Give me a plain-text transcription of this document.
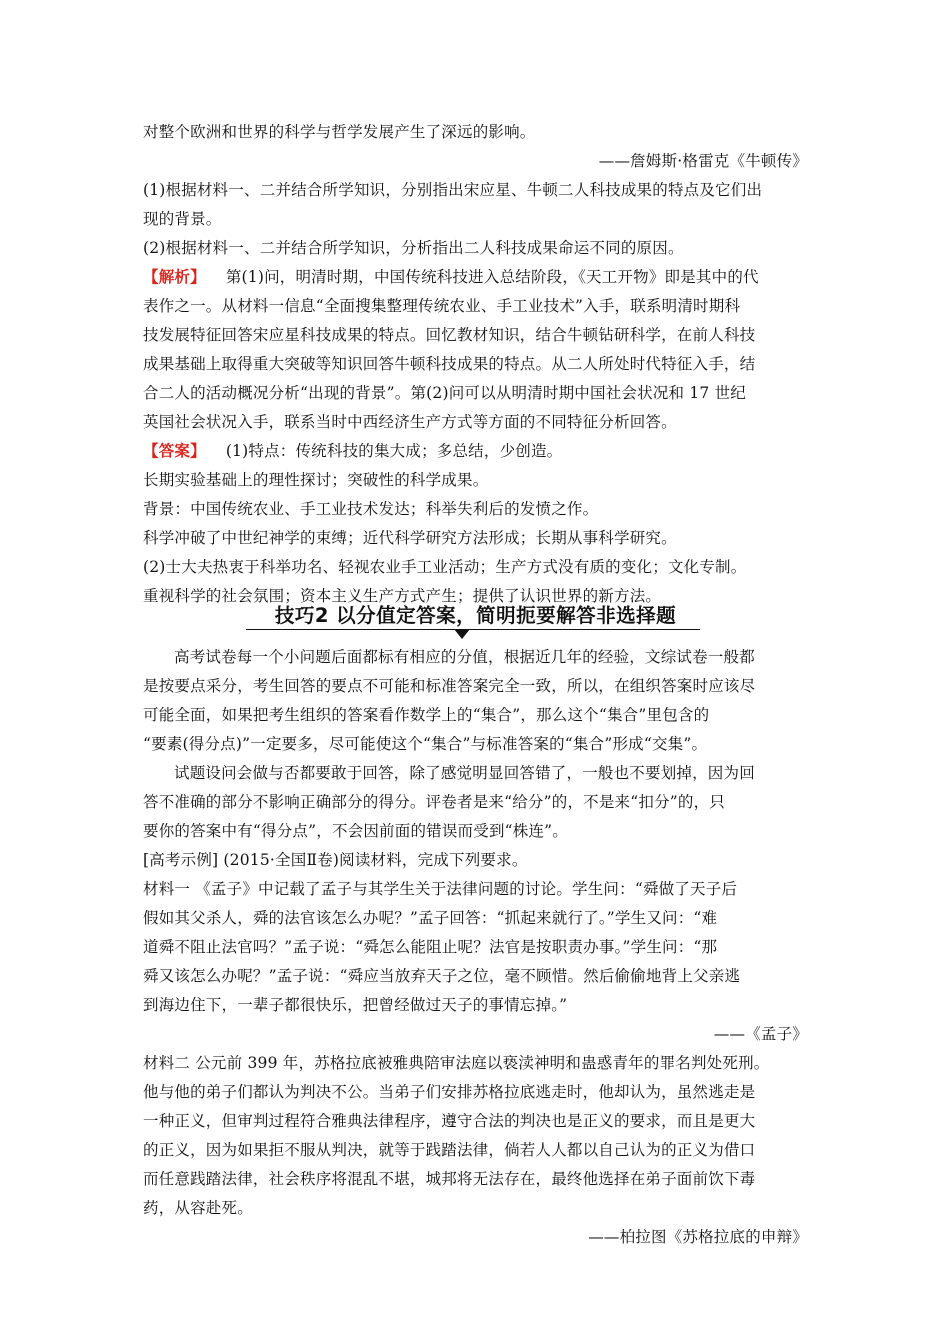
对整个欧洲和世界的科学与哲学发展产生了深远的影响。
——詹姆斯·格雷克《牛顿传》
(1)根据材料一、二并结合所学知识，分别指出宋应星、牛顿二人科技成果的特点及它们出
现的背景。
(2)根据材料一、二并结合所学知识，分析指出二人科技成果命运不同的原因。
【解析】 第(1)问，明清时期，中国传统科技进入总结阶段，《天工开物》即是其中的代
表作之一。从材料一信息“全面搜集整理传统农业、手工业技术”入手，联系明清时期科
技发展特征回答宋应星科技成果的特点。回忆教材知识，结合牛顿钻研科学，在前人科技
成果基础上取得重大突破等知识回答牛顿科技成果的特点。从二人所处时代特征入手，结
合二人的活动概况分析“出现的背景”。第(2)问可以从明清时期中国社会状况和 17 世纪
英国社会状况入手，联系当时中西经济生产方式等方面的不同特征分析回答。
【答案】 (1)特点：传统科技的集大成；多总结，少创造。
长期实验基础上的理性探讨；突破性的科学成果。
背景：中国传统农业、手工业技术发达；科举失利后的发愤之作。
科学冲破了中世纪神学的束缚；近代科学研究方法形成；长期从事科学研究。
(2)士大夫热衷于科举功名、轻视农业手工业活动；生产方式没有质的变化；文化专制。
重视科学的社会氛围；资本主义生产方式产生；提供了认识世界的新方法。
技巧2 以分值定答案，简明扼要解答非选择题
高考试卷每一个小问题后面都标有相应的分值，根据近几年的经验，文综试卷一般都
是按要点采分，考生回答的要点不可能和标准答案完全一致，所以，在组织答案时应该尽
可能全面，如果把考生组织的答案看作数学上的“集合”，那么这个“集合”里包含的
“要素(得分点)”一定要多，尽可能使这个“集合”与标准答案的“集合”形成“交集”。
试题设问会做与否都要敢于回答，除了感觉明显回答错了，一般也不要划掉，因为回
答不准确的部分不影响正确部分的得分。评卷者是来“给分”的，不是来“扣分”的，只
要你的答案中有“得分点”，不会因前面的错误而受到“株连”。
[高考示例] (2015·全国Ⅱ卷)阅读材料，完成下列要求。
材料一 《孟子》中记载了孟子与其学生关于法律问题的讨论。学生问：“舜做了天子后
假如其父杀人，舜的法官该怎么办呢？”孟子回答：“抓起来就行了。”学生又问：“难
道舜不阻止法官吗？”孟子说：“舜怎么能阻止呢？法官是按职责办事。”学生问：“那
舜又该怎么办呢？”孟子说：“舜应当放弃天子之位，毫不顾惜。然后偷偷地背上父亲逃
到海边住下，一辈子都很快乐，把曾经做过天子的事情忘掉。”
——《孟子》
材料二 公元前 399 年，苏格拉底被雅典陪审法庭以亵渎神明和蛊惑青年的罪名判处死刑。
他与他的弟子们都认为判决不公。当弟子们安排苏格拉底逃走时，他却认为，虽然逃走是
一种正义，但审判过程符合雅典法律程序，遵守合法的判决也是正义的要求，而且是更大
的正义，因为如果拒不服从判决，就等于践踏法律，倘若人人都以自己认为的正义为借口
而任意践踏法律，社会秩序将混乱不堪，城邦将无法存在，最终他选择在弟子面前饮下毒
药，从容赴死。
——柏拉图《苏格拉底的申辩》
